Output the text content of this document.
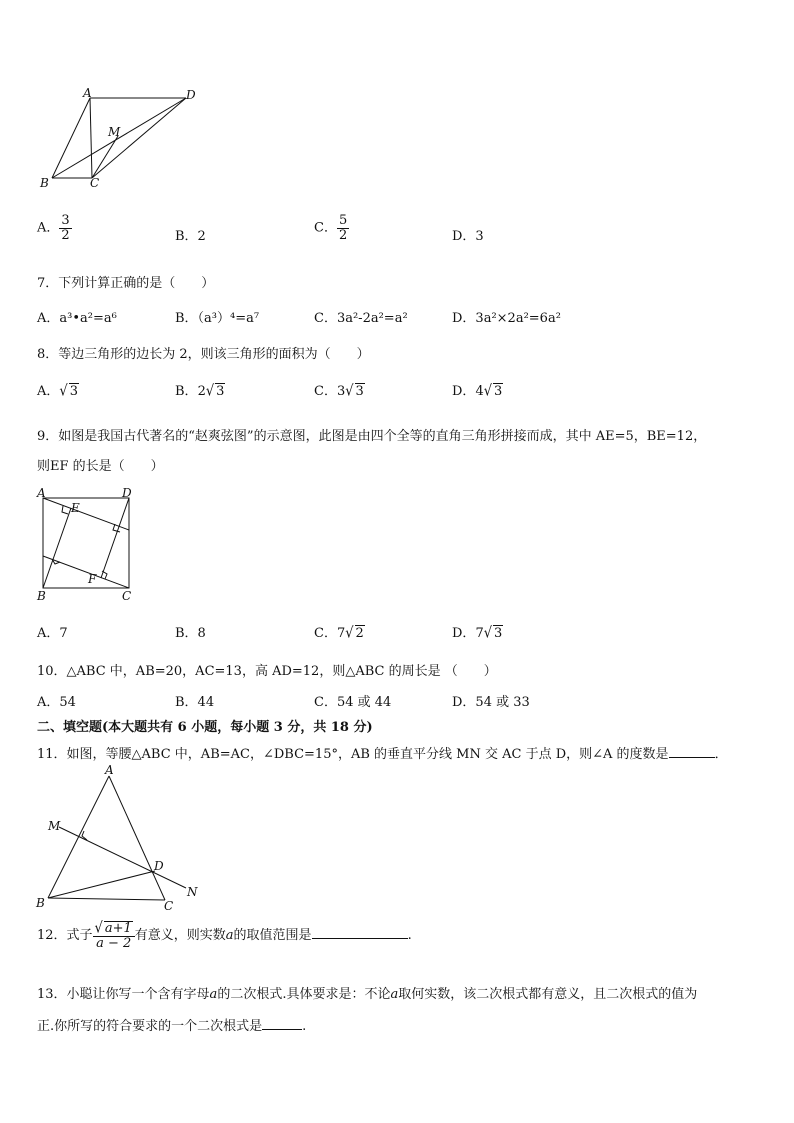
A	D
M
B	C
A． $\frac{3}{2}$	B．2
C． $\frac{5}{2}$	D．3
7．下列计算正确的是（　　）
A．a³•a²=a⁶	B．（a³）⁴=a⁷	C．3a²-2a²=a²	D．3a²×2a²=6a²
8．等边三角形的边长为 2，则该三角形的面积为（　　）
A．√ 3	B．2√ 3	C．3√ 3	D．4√ 3
9．如图是我国古代著名的“赵爽弦图”的示意图，此图是由四个全等的直角三角形拼接而成，其中 AE=5，BE=12，
则EF 的长是（　　）
A	D
E
B
F
C
A．7	B．8	C．7√ 2	D．7√ 3
10．△ABC 中，AB=20，AC=13，高 AD=12，则△ABC 的周长是 （　　）
A．54	B．44	C．54 或 44	D．54 或 33
二、填空题(本大题共有 6 小题，每小题 3 分，共 18 分)
11．如图，等腰△ABC 中，AB=AC，∠DBC=15°，AB 的垂直平分线 MN 交 AC 于点 D，则∠A 的度数是	．
A
M
D
N
B	C
12．式子 $\frac{√ a+1}{a - 2}$ 有意义，则实数a的取值范围是	.
13．小聪让你写一个含有字母a的二次根式.具体要求是：不论a取何实数，该二次根式都有意义，且二次根式的值为
正.你所写的符合要求的一个二次根式是	.
